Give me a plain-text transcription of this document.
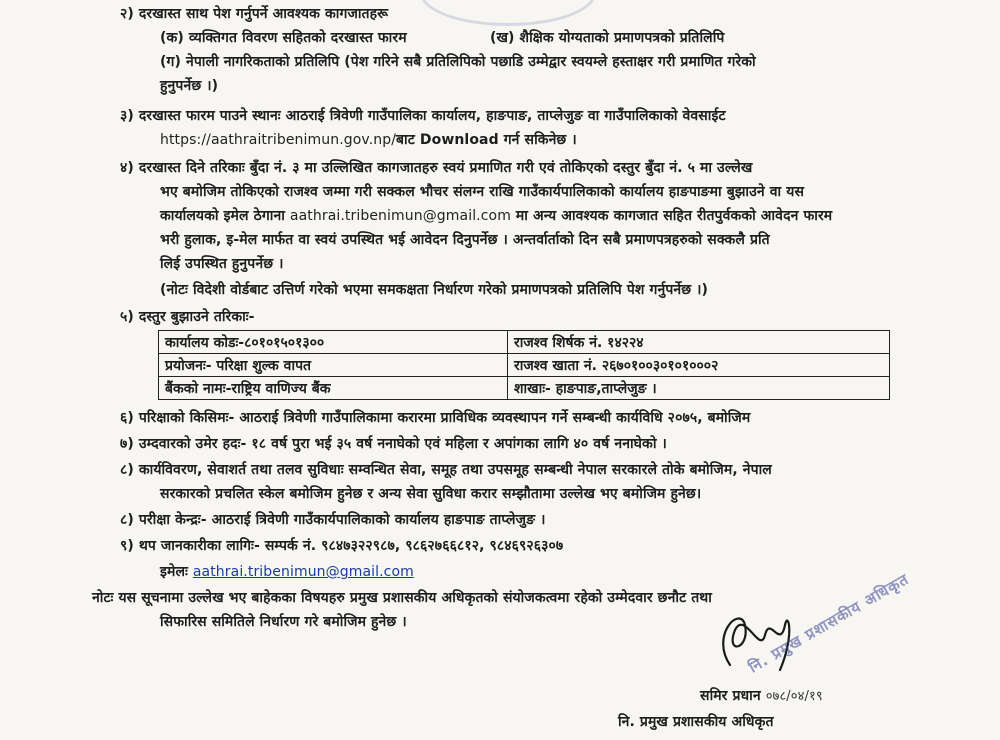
२) दरखास्त साथ पेश गर्नुपर्ने आवश्यक कागजातहरू
(क) व्यक्तिगत विवरण सहितको दरखास्त फारम	(ख) शैक्षिक योग्यताको प्रमाणपत्रको प्रतिलिपि
(ग) नेपाली नागरिकताको प्रतिलिपि (पेश गरिने सबै प्रतिलिपिको पछाडि उम्मेद्वार स्वयम्ले हस्ताक्षर गरी प्रमाणित गरेको
हुनुपर्नेछ ।)
३) दरखास्त फारम पाउने स्थानः आठराई त्रिवेणी गाउँपालिका कार्यालय, हाङपाङ, ताप्लेजुङ वा गाउँपालिकाको वेवसाईट
https://aathraitribenimun.gov.np/बाट Download गर्न सकिनेछ ।
४) दरखास्त दिने तरिकाः बुँदा नं. ३ मा उल्लिखित कागजातहरु स्वयं प्रमाणित गरी एवं तोकिएको दस्तुर बुँदा नं. ५ मा उल्लेख
भए बमोजिम तोकिएको राजश्व जम्मा गरी सक्कल भौचर संलग्न राखि गाउँकार्यपालिकाको कार्यालय हाङपाङमा बुझाउने वा यस
कार्यालयको इमेल ठेगाना aathrai.tribenimun@gmail.com मा अन्य आवश्यक कागजात सहित रीतपुर्वकको आवेदन फारम
भरी हुलाक, इ-मेल मार्फत वा स्वयं उपस्थित भई आवेदन दिनुपर्नेछ । अन्तर्वार्ताको दिन सबै प्रमाणपत्रहरुको सक्कलै प्रति
लिई उपस्थित हुनुपर्नेछ ।
(नोटः विदेशी वोर्डबाट उत्तिर्ण गरेको भएमा समकक्षता निर्धारण गरेको प्रमाणपत्रको प्रतिलिपि पेश गर्नुपर्नेछ ।)
५) दस्तुर बुझाउने तरिकाः-
कार्यालय कोडः-८०१०१५०१३००	राजश्व शिर्षक नं. १४२२४
प्रयोजनः- परिक्षा शुल्क वापत	राजश्व खाता नं. २६७०१००३०१०१०००२
बैंककाे नामः-राष्ट्रिय वाणिज्य बैंक	शाखाः- हाङपाङ,ताप्लेजुङ ।
६) परिक्षाको किसिमः- आठराई त्रिवेणी गाउँपालिकामा करारमा प्राविधिक व्यवस्थापन गर्ने सम्बन्धी कार्यविधि २०७५, बमोजिम
७) उम्दवारको उमेर हदः- १८ वर्ष पुरा भई ३५ वर्ष ननाघेको एवं महिला र अपांगका लागि ४० वर्ष ननाघेको ।
८) कार्यविवरण, सेवाशर्त तथा तलव सुविधाः सम्वन्धित सेवा, समूह तथा उपसमूह सम्बन्धी नेपाल सरकारले तोके बमोजिम, नेपाल
सरकारको प्रचलित स्केल बमोजिम हुनेछ र अन्य सेवा सुविधा करार सम्झौतामा उल्लेख भए बमोजिम हुनेछ।
८) परीक्षा केन्द्रः- आठराई त्रिवेणी गाउँकार्यपालिकाको कार्यालय हाङपाङ ताप्लेजुङ ।
९) थप जानकारीका लागिः- सम्पर्क नं. ९८४७३२२९८७, ९८६२७६६८१२, ९८४६९२६३०७
इमेलः aathrai.tribenimun@gmail.com
नोटः यस सूचनामा उल्लेख भए बाहेकका विषयहरु प्रमुख प्रशासकीय अधिकृतको संयोजकत्वमा रहेको उम्मेदवार छनौट तथा
सिफारिस समितिले निर्धारण गरे बमोजिम हुनेछ ।	नि. प्रमुख प्रशासकीय अधिकृत
समिर प्रधान ०७८/०४/१९
नि. प्रमुख प्रशासकीय अधिकृत
